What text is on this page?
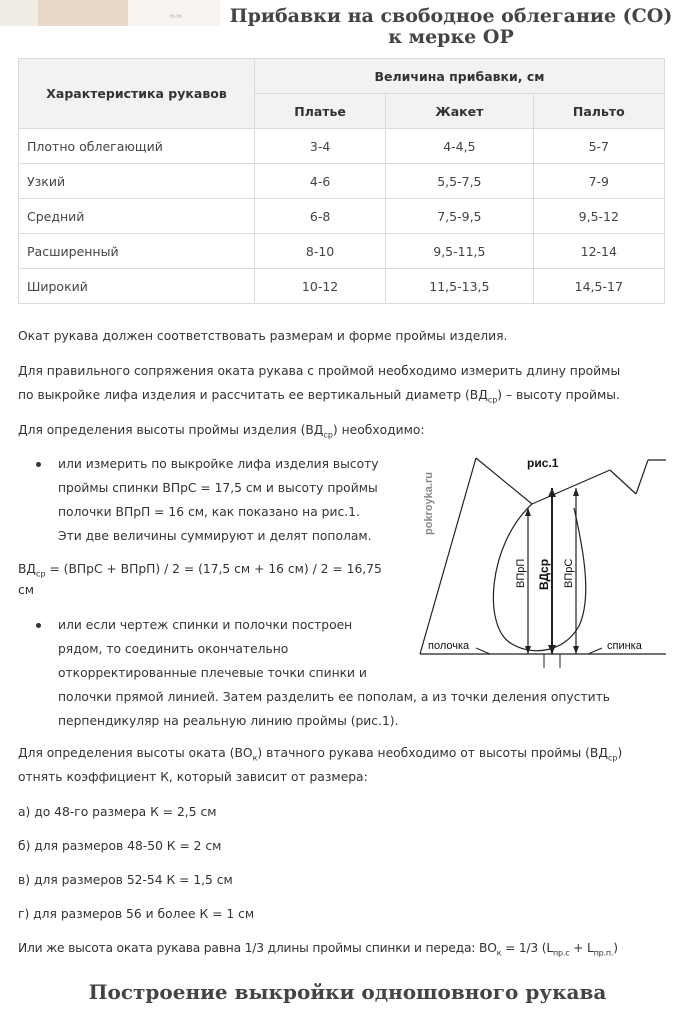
fo-fo	Прибавки на свободное облегание (СО) к мерке ОР
Характеристика рукавов	Величина прибавки, см		
	Платье	Жакет	Пальто
Плотно облегающий	3-4	4-4,5	5-7
Узкий	4-6	5,5-7,5	7-9
Средний	6-8	7,5-9,5	9,5-12
Расширенный	8-10	9,5-11,5	12-14
Широкий	10-12	11,5-13,5	14,5-17

Окат рукава должен соответствовать размерам и форме проймы изделия.

Для правильного сопряжения оката рукава с проймой необходимо измерить длину проймы

по выкройке лифа изделия и рассчитать ее вертикальный диаметр $(ВД_{ср})$ – высоту проймы.

Для определения высоты проймы изделия $(ВД_{ср})$ необходимо:

или измерить по выкройке лифа изделия высоту
проймы спинки ВПрС = 17,5 см и высоту проймы
полочки ВПрП = 16 см, как показано на рис.1.
Эти две величины суммируют и делят пополам.

$ВД_{ср}$ = (ВПрС + ВПрП) / 2 = (17,5 см + 16 см) / 2 = 16,75

см

или если чертеж спинки и полочки построен
рядом, то соединить окончательно
откорректированные плечевые точки спинки и
полочки прямой линией. Затем разделить ее пополам, а из точки деления опустить
перпендикуляр на реальную линию проймы (рис.1).

Для определения высоты оката $(ВО_к)$ втачного рукава необходимо от высоты проймы $(ВД_{ср})$

отнять коэффициент К, который зависит от размера:

а) до 48-го размера К = 2,5 см

б) для размеров 48-50 К = 2 см

в) для размеров 52-54 К = 1,5 см

г) для размеров 56 и более К = 1 см

Или же высота оката рукава равна 1/3 длины проймы спинки и переда: $ВО_к = 1/3$ $(L_{пр.с} + L_{пр.п.})$

рис.1
pokroyka.ru
ВПрП ВДср ВПрС
полочка	спинка
Построение выкройки одношовного рукава
